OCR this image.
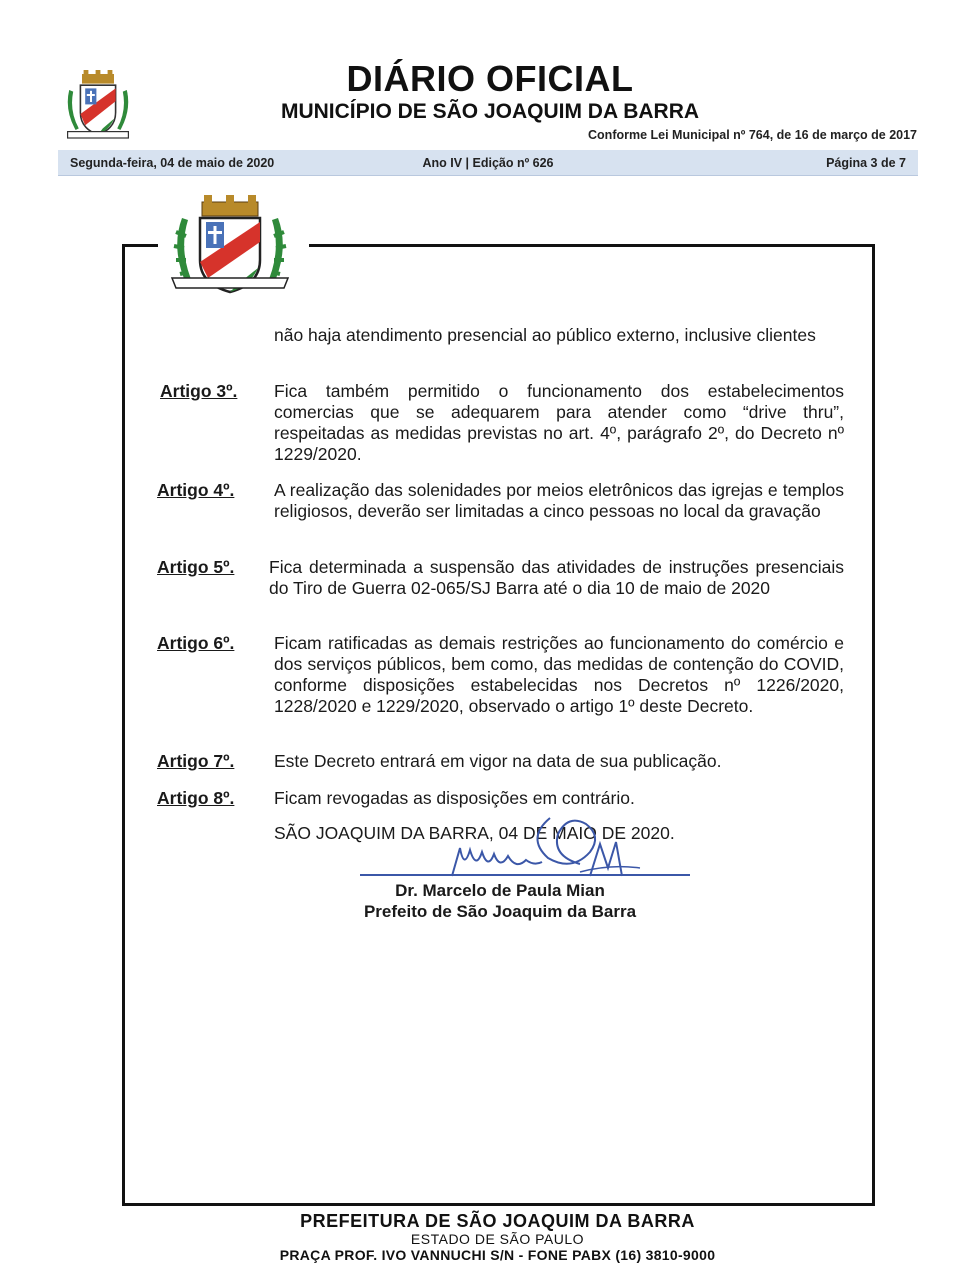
DIÁRIO OFICIAL
MUNICÍPIO DE SÃO JOAQUIM DA BARRA
Conforme Lei Municipal nº 764, de 16 de março de 2017
Ano IV | Edição nº 626
Segunda-feira, 04 de maio de 2020	Página 3 de 7
não haja atendimento presencial ao público externo, inclusive clientes
Artigo 3º. Fica também permitido o funcionamento dos estabelecimentos comercias que se adequarem para atender como “drive thru”, respeitadas as medidas previstas no art. 4º, parágrafo 2º, do Decreto nº 1229/2020.
Artigo 4º. A realização das solenidades por meios eletrônicos das igrejas e templos religiosos, deverão ser limitadas a cinco pessoas no local da gravação
Artigo 5º. Fica determinada a suspensão das atividades de instruções presenciais do Tiro de Guerra 02-065/SJ Barra até o dia 10 de maio de 2020
Artigo 6º. Ficam ratificadas as demais restrições ao funcionamento do comércio e dos serviços públicos, bem como, das medidas de contenção do COVID, conforme disposições estabelecidas nos Decretos nº 1226/2020, 1228/2020 e 1229/2020, observado o artigo 1º deste Decreto.
Artigo 7º. Este Decreto entrará em vigor na data de sua publicação.
Artigo 8º. Ficam revogadas as disposições em contrário.
SÃO JOAQUIM DA BARRA, 04 DE MAIO DE 2020.
Dr. Marcelo de Paula Mian
Prefeito de São Joaquim da Barra
PREFEITURA DE SÃO JOAQUIM DA BARRA
ESTADO DE SÃO PAULO
PRAÇA PROF. IVO VANNUCHI S/N - FONE PABX (16) 3810-9000
